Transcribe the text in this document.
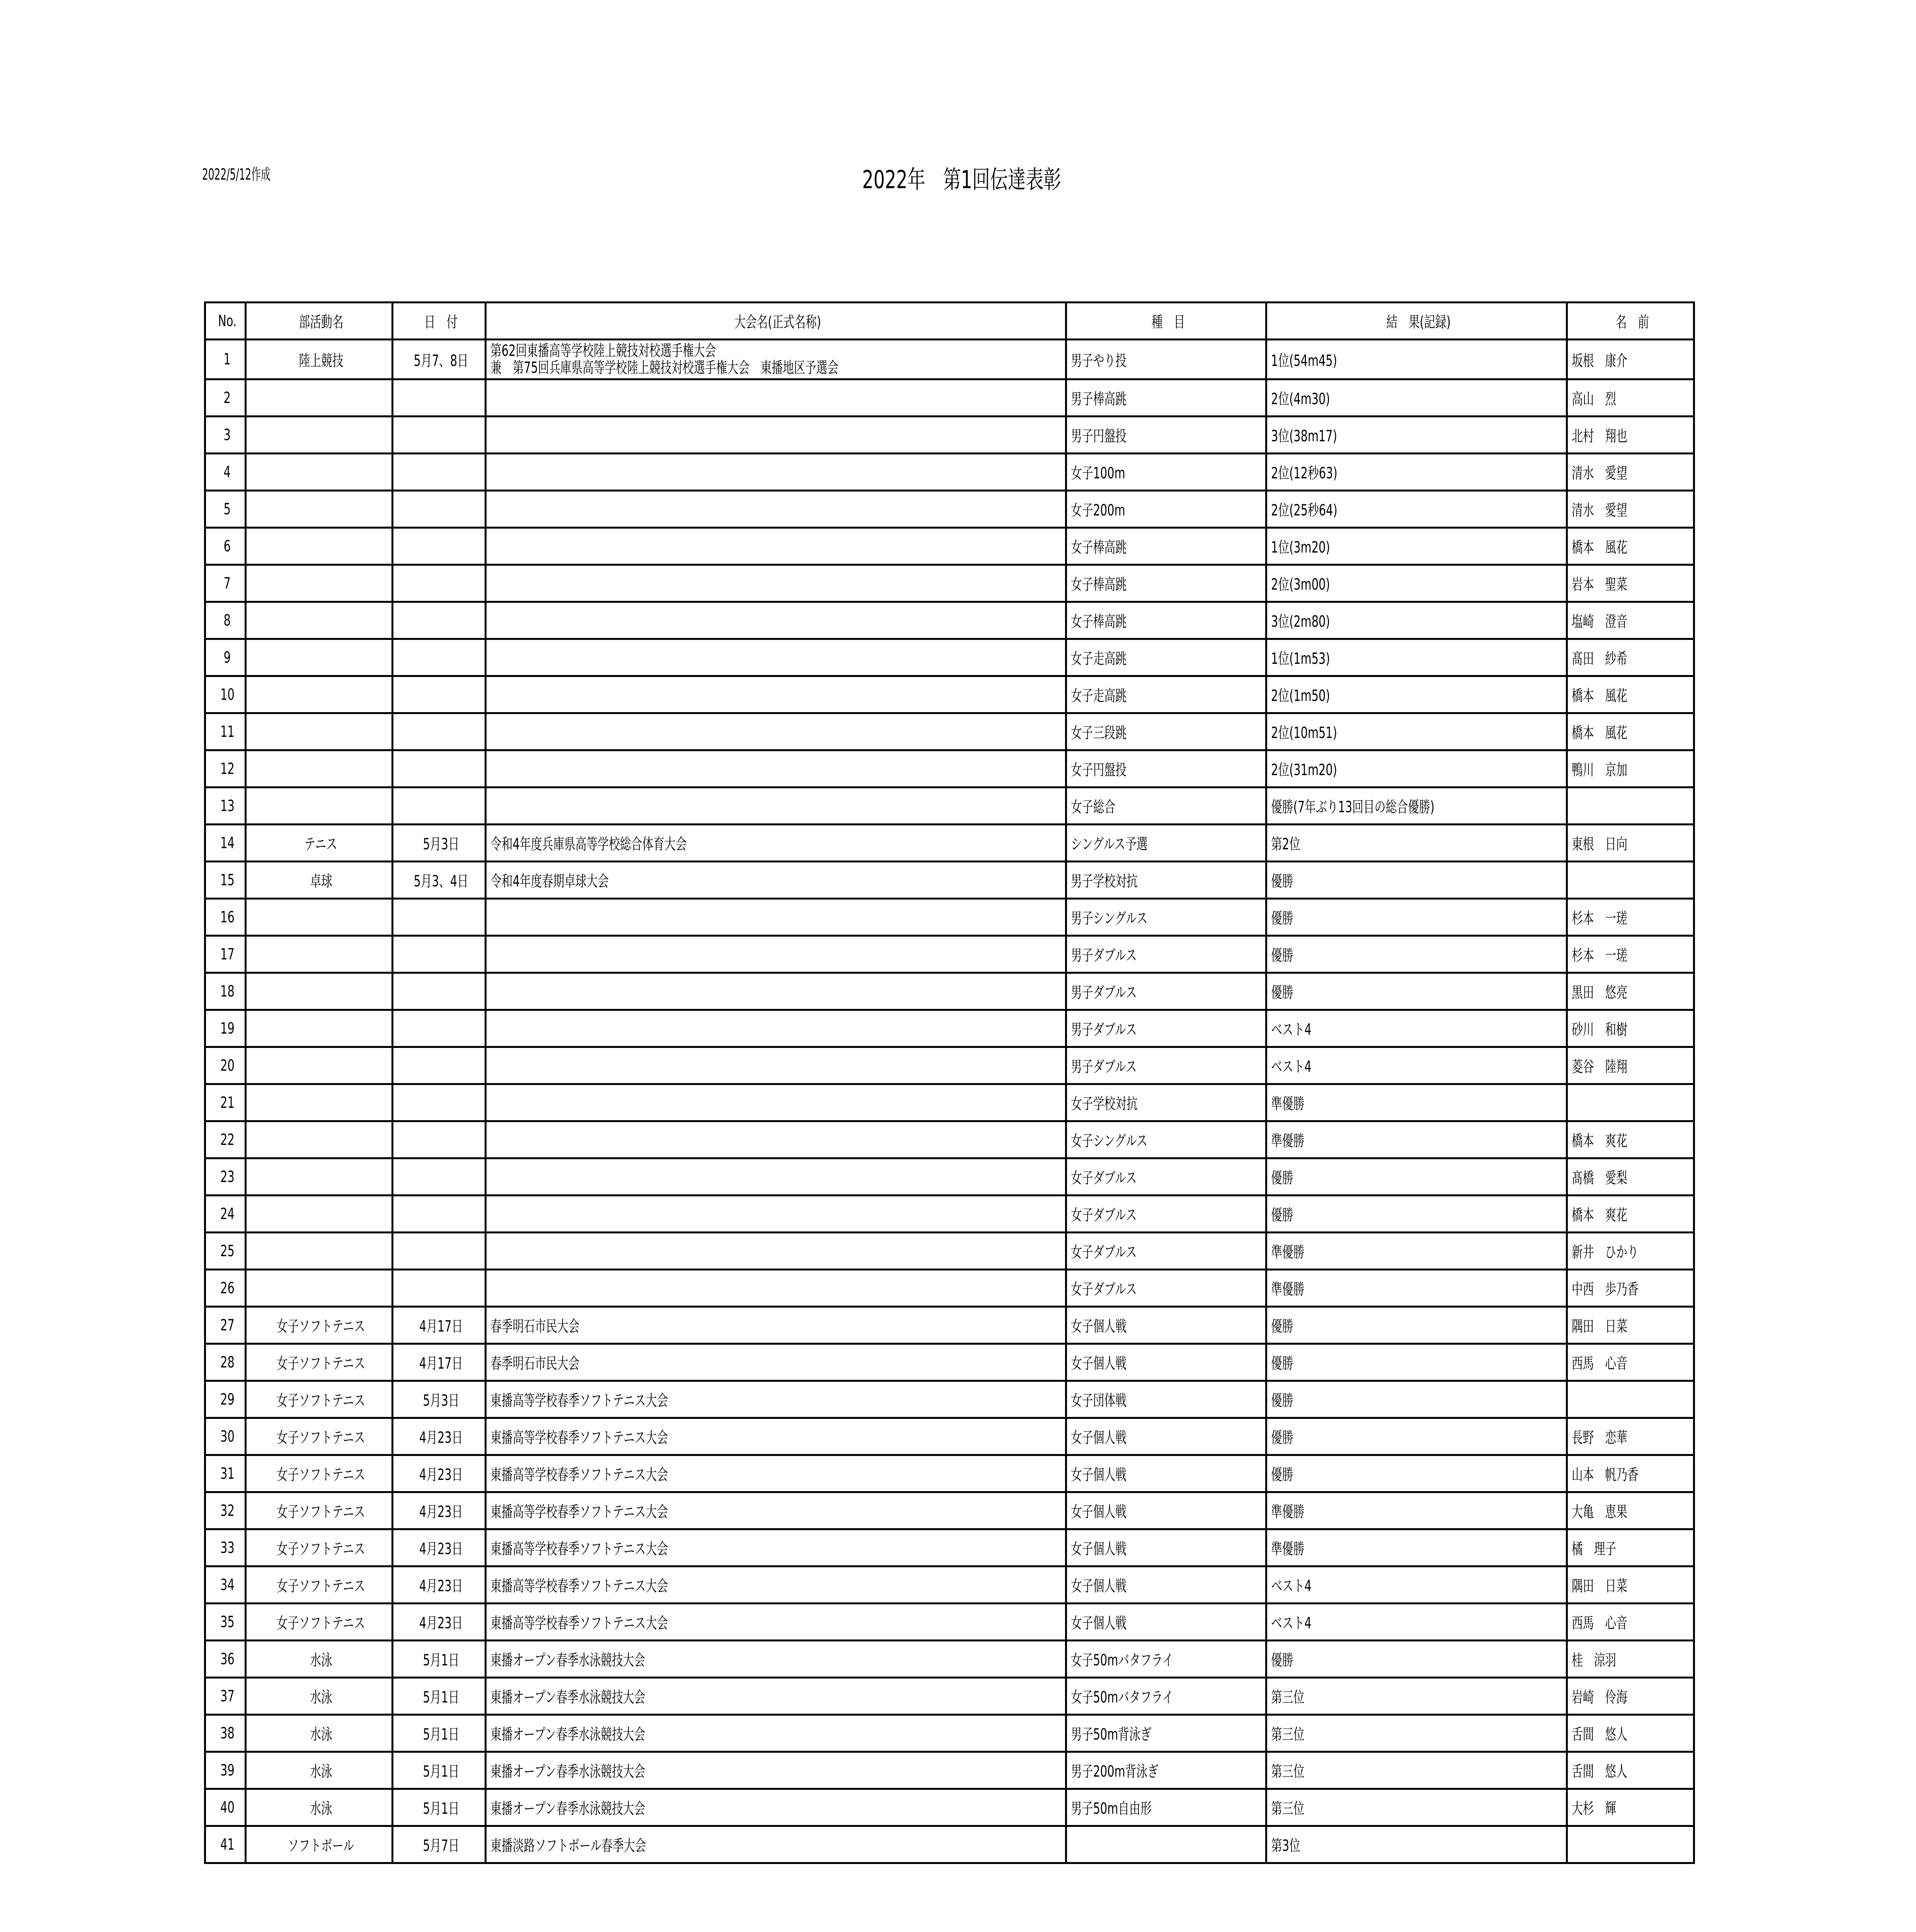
2022/5/12作成	2022年　第1回伝達表彰
No.	部活動名	日　付	大会名(正式名称)	種　目	結　果(記録)	名　前
1	陸上競技	5月7、8日	第62回東播高等学校陸上競技対校選手権大会
兼　第75回兵庫県高等学校陸上競技対校選手権大会　東播地区予選会	男子やり投	1位(54m45)	坂根　康介
2				男子棒高跳	2位(4m30)	高山　烈
3				男子円盤投	3位(38m17)	北村　翔也
4				女子100m	2位(12秒63)	清水　愛望
5				女子200m	2位(25秒64)	清水　愛望
6				女子棒高跳	1位(3m20)	橋本　風花
7				女子棒高跳	2位(3m00)	岩本　聖菜
8				女子棒高跳	3位(2m80)	塩崎　澄音
9				女子走高跳	1位(1m53)	髙田　紗希
10				女子走高跳	2位(1m50)	橋本　風花
11				女子三段跳	2位(10m51)	橋本　風花
12				女子円盤投	2位(31m20)	鴨川　京加
13				女子総合	優勝(7年ぶり13回目の総合優勝)	
14	テニス	5月3日	令和4年度兵庫県高等学校総合体育大会	シングルス予選	第2位	東根　日向
15	卓球	5月3、4日	令和4年度春期卓球大会	男子学校対抗	優勝	
16				男子シングルス	優勝	杉本　一瑳
17				男子ダブルス	優勝	杉本　一瑳
18				男子ダブルス	優勝	黒田　悠亮
19				男子ダブルス	ベスト4	砂川　和樹
20				男子ダブルス	ベスト4	菱谷　陸翔
21				女子学校対抗	準優勝	
22				女子シングルス	準優勝	橋本　爽花
23				女子ダブルス	優勝	髙橋　愛梨
24				女子ダブルス	優勝	橋本　爽花
25				女子ダブルス	準優勝	新井　ひかり
26				女子ダブルス	準優勝	中西　歩乃香
27	女子ソフトテニス	4月17日	春季明石市民大会	女子個人戦	優勝	隅田　日菜
28	女子ソフトテニス	4月17日	春季明石市民大会	女子個人戦	優勝	西馬　心音
29	女子ソフトテニス	5月3日	東播高等学校春季ソフトテニス大会	女子団体戦	優勝	
30	女子ソフトテニス	4月23日	東播高等学校春季ソフトテニス大会	女子個人戦	優勝	長野　恋華
31	女子ソフトテニス	4月23日	東播高等学校春季ソフトテニス大会	女子個人戦	優勝	山本　帆乃香
32	女子ソフトテニス	4月23日	東播高等学校春季ソフトテニス大会	女子個人戦	準優勝	大亀　恵果
33	女子ソフトテニス	4月23日	東播高等学校春季ソフトテニス大会	女子個人戦	準優勝	橘　理子
34	女子ソフトテニス	4月23日	東播高等学校春季ソフトテニス大会	女子個人戦	ベスト4	隅田　日菜
35	女子ソフトテニス	4月23日	東播高等学校春季ソフトテニス大会	女子個人戦	ベスト4	西馬　心音
36	水泳	5月1日	東播オープン春季水泳競技大会	女子50mバタフライ	優勝	桂　涼羽
37	水泳	5月1日	東播オープン春季水泳競技大会	女子50mバタフライ	第三位	岩崎　伶海
38	水泳	5月1日	東播オープン春季水泳競技大会	男子50m背泳ぎ	第三位	舌間　悠人
39	水泳	5月1日	東播オープン春季水泳競技大会	男子200m背泳ぎ	第三位	舌間　悠人
40	水泳	5月1日	東播オープン春季水泳競技大会	男子50m自由形	第三位	大杉　輝
41	ソフトボール	5月7日	東播淡路ソフトボール春季大会		第3位	
